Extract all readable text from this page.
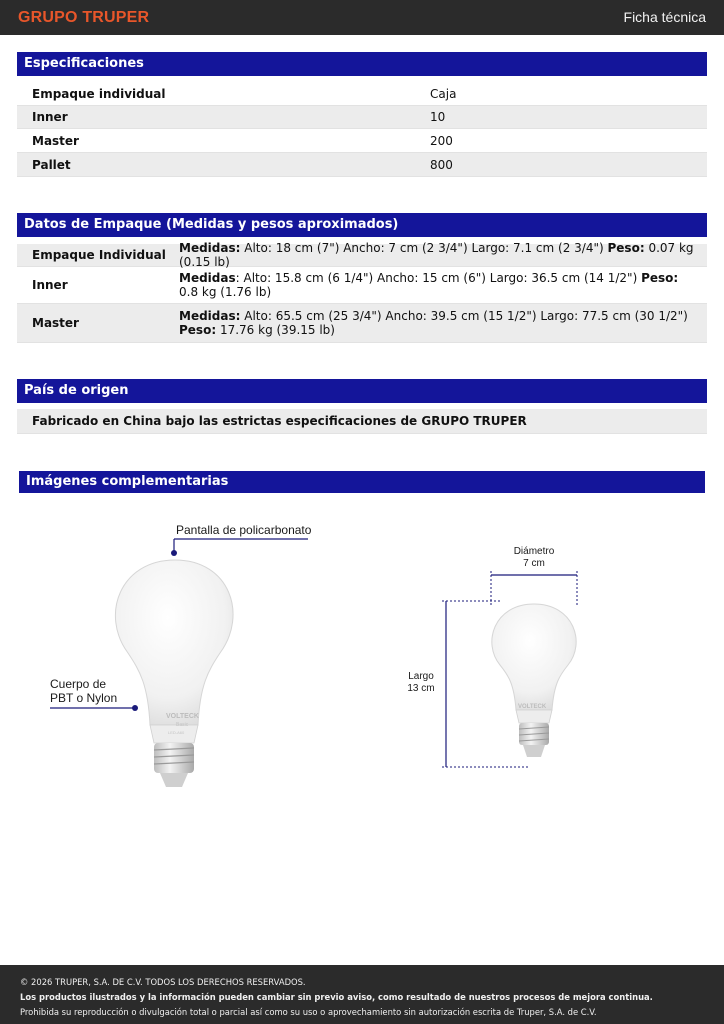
GRUPO TRUPER	Ficha técnica
Especificaciones
Empaque individual	Caja
Inner	10
Master	200
Pallet	800
Datos de Empaque (Medidas y pesos aproximados)
Empaque Individual Medidas: Alto: 18 cm (7") Ancho: 7 cm (2 3/4") Largo: 7.1 cm (2 3/4") Peso: 0.07 kg (0.15 lb)
Inner	Medidas: Alto: 15.8 cm (6 1/4") Ancho: 15 cm (6") Largo: 36.5 cm (14 1/2") Peso: 0.8 kg (1.76 lb)
Master	Medidas: Alto: 65.5 cm (25 3/4") Ancho: 39.5 cm (15 1/2") Largo: 77.5 cm (30 1/2") Peso: 17.76 kg (39.15 lb)
País de origen
Fabricado en China bajo las estrictas especificaciones de GRUPO TRUPER
Imágenes complementarias
VOLTECK
Basic
LED-A60
Pantalla de policarbonato
Cuerpo de
PBT o Nylon
VOLTECK
Diámetro
7 cm
Largo
13 cm
© 2026 TRUPER, S.A. DE C.V. TODOS LOS DERECHOS RESERVADOS.
Los productos ilustrados y la información pueden cambiar sin previo aviso, como resultado de nuestros procesos de mejora continua.
Prohibida su reproducción o divulgación total o parcial así como su uso o aprovechamiento sin autorización escrita de Truper, S.A. de C.V.
